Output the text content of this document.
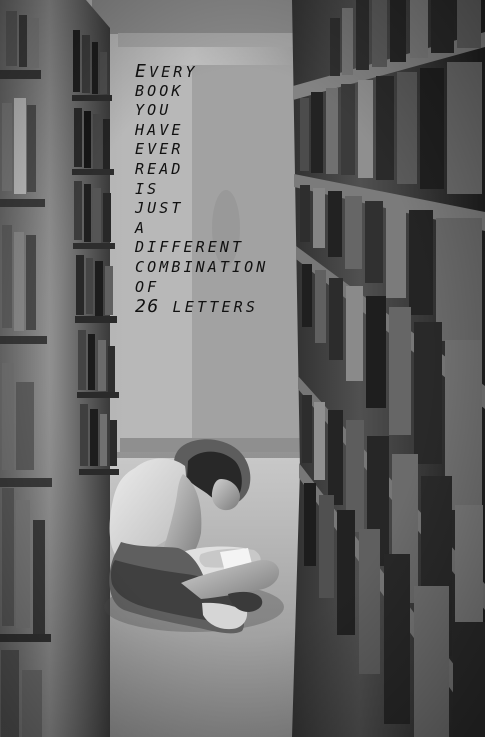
EVERY
BOOK
YOU
HAVE
EVER
READ
IS
JUST
A
DIFFERENT
COMBINATION
OF
26 LETTERS
